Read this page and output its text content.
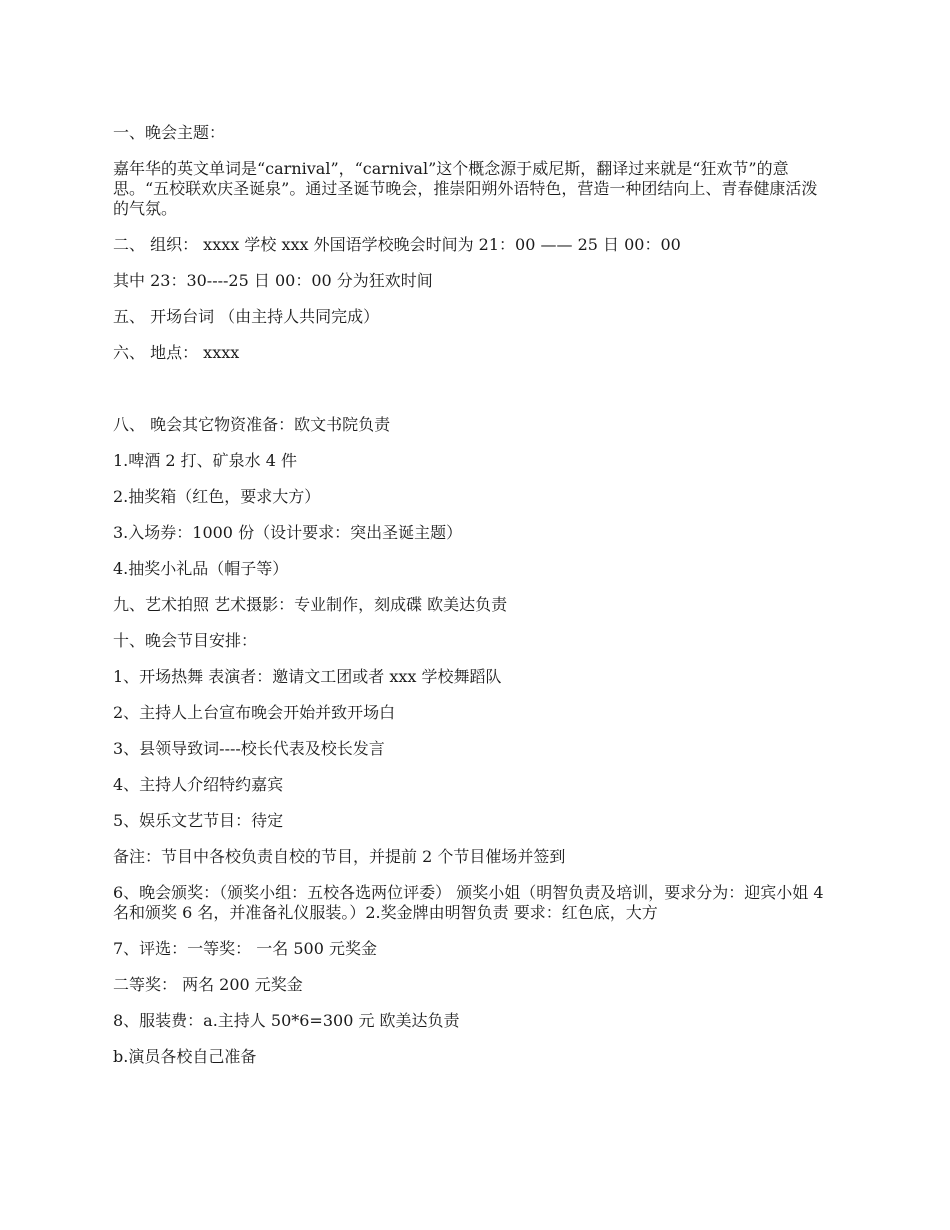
一、晚会主题：

嘉年华的英文单词是“carnival”，“carnival”这个概念源于威尼斯，翻译过来就是“狂欢节”的意思。“五校联欢庆圣诞泉”。通过圣诞节晚会，推崇阳朔外语特色，营造一种团结向上、青春健康活泼的气氛。

二、 组织： xxxx 学校 xxx 外国语学校晚会时间为 21：00 —— 25 日 00：00

其中 23：30----25 日 00：00 分为狂欢时间

五、 开场台词 （由主持人共同完成）

六、 地点： xxxx

八、 晚会其它物资准备：欧文书院负责

1.啤酒 2 打、矿泉水 4 件

2.抽奖箱（红色，要求大方）

3.入场券：1000 份（设计要求：突出圣诞主题）

4.抽奖小礼品（帽子等）

九、艺术拍照 艺术摄影：专业制作，刻成碟 欧美达负责

十、晚会节目安排：

1、开场热舞 表演者：邀请文工团或者 xxx 学校舞蹈队

2、主持人上台宣布晚会开始并致开场白

3、县领导致词----校长代表及校长发言

4、主持人介绍特约嘉宾

5、娱乐文艺节目：待定

备注：节目中各校负责自校的节目，并提前 2 个节目催场并签到

6、晚会颁奖：（颁奖小组：五校各选两位评委） 颁奖小姐（明智负责及培训，要求分为：迎宾小姐 4 名和颁奖 6 名，并准备礼仪服装。）2.奖金牌由明智负责 要求：红色底，大方

7、评选：一等奖： 一名 500 元奖金

二等奖： 两名 200 元奖金

8、服装费：a.主持人 50*6=300 元 欧美达负责

b.演员各校自己准备
